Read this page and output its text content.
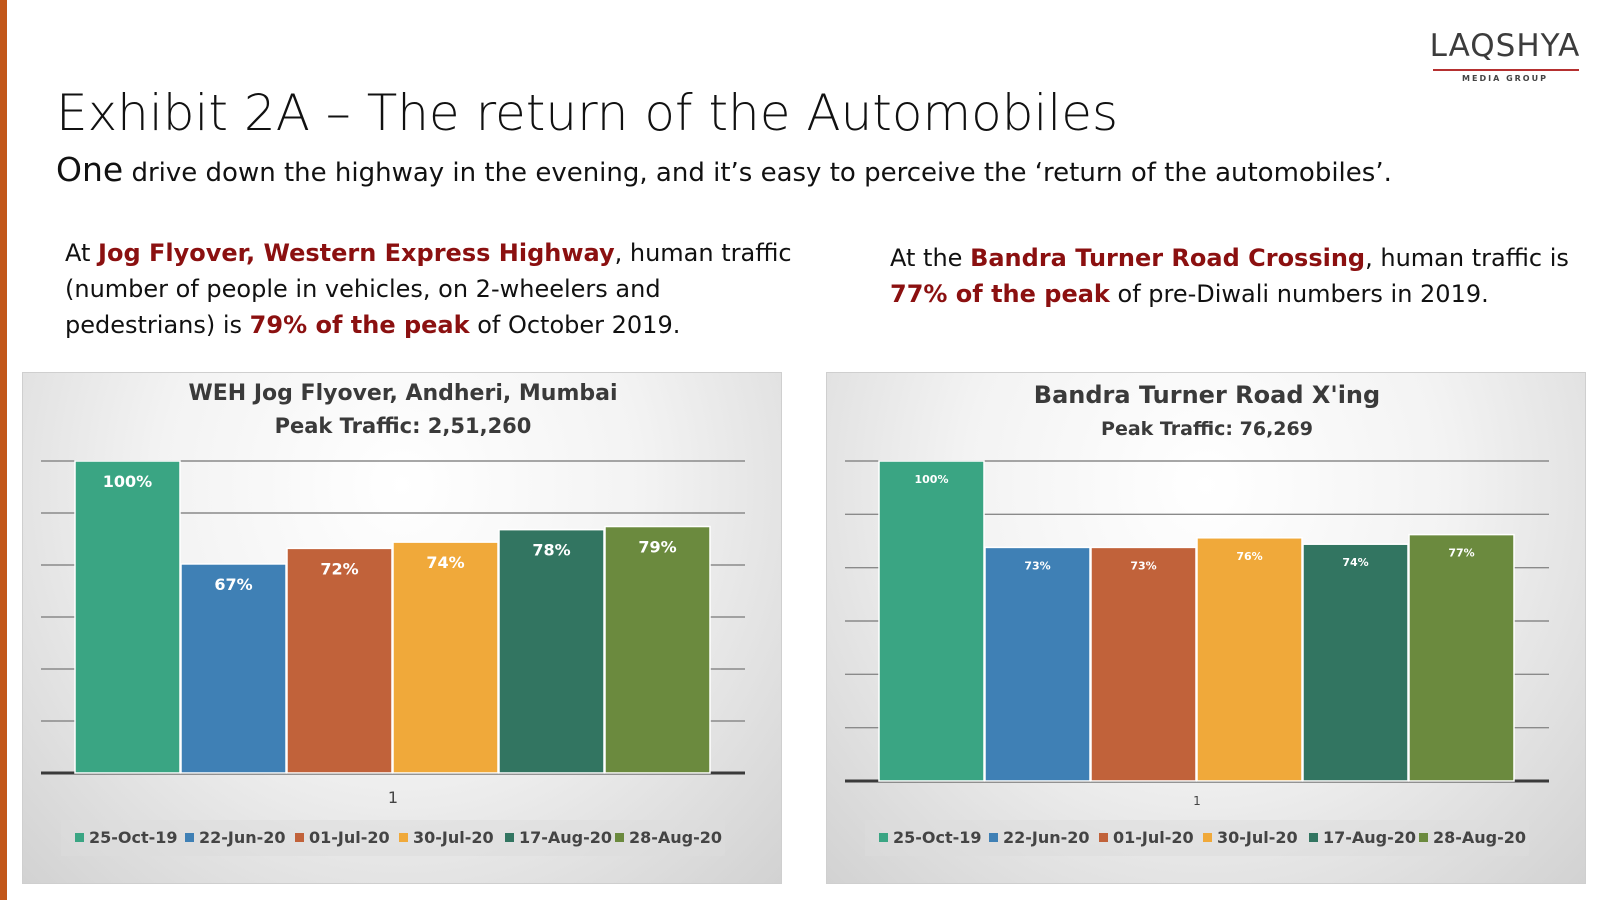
LAQSHYA
MEDIA GROUP
Exhibit 2A – The return of the Automobiles
One drive down the highway in the evening, and it’s easy to perceive the ‘return of the automobiles’.
At Jog Flyover, Western Express Highway, human traffic (number of people in vehicles, on 2-wheelers and pedestrians) is 79% of the peak of October 2019.
At the Bandra Turner Road Crossing, human traffic is 77% of the peak of pre-Diwali numbers in 2019.
WEH Jog Flyover, Andheri, Mumbai
Peak Traffic: 2,51,260
100%
67%
72%	74%
78%	79%
1
25-Oct-19 22-Jun-20 01-Jul-20 30-Jul-20 17-Aug-20 28-Aug-20
Bandra Turner Road X'ing
Peak Traffic: 76,269
100%
73%	73%
76%	74%
77%
1
25-Oct-19 22-Jun-20 01-Jul-20 30-Jul-20 17-Aug-20 28-Aug-20
